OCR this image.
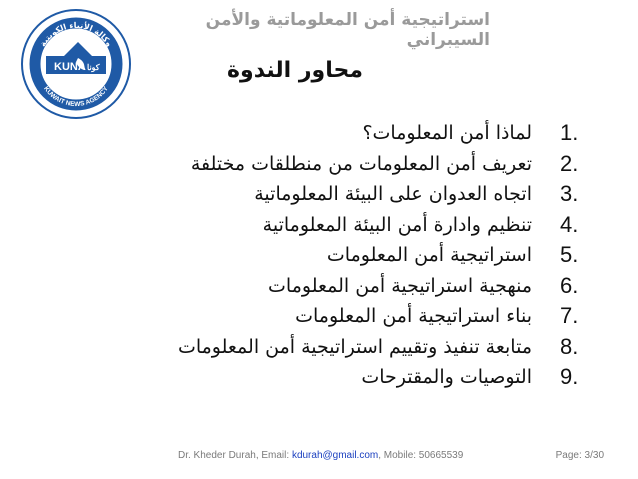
استراتيجية أمن المعلوماتية والأمن السيبراني
KUNA كونا
وكالة الأنباء الكويتية
KUWAIT NEWS AGENCY
محاور الندوة
لماذا أمن المعلومات؟ 1.
تعريف أمن المعلومات من منطلقات مختلفة 2.
اتجاه العدوان على البيئة المعلوماتية 3.
تنظيم وادارة أمن البيئة المعلوماتية 4.
استراتيجية أمن المعلومات 5.
منهجية استراتيجية أمن المعلومات 6.
بناء استراتيجية أمن المعلومات 7.
متابعة تنفيذ وتقييم استراتيجية أمن المعلومات 8.
التوصيات والمقترحات 9.
Dr. Kheder Durah, Email: kdurah@gmail.com, Mobile: 50665539	Page: 3/30
